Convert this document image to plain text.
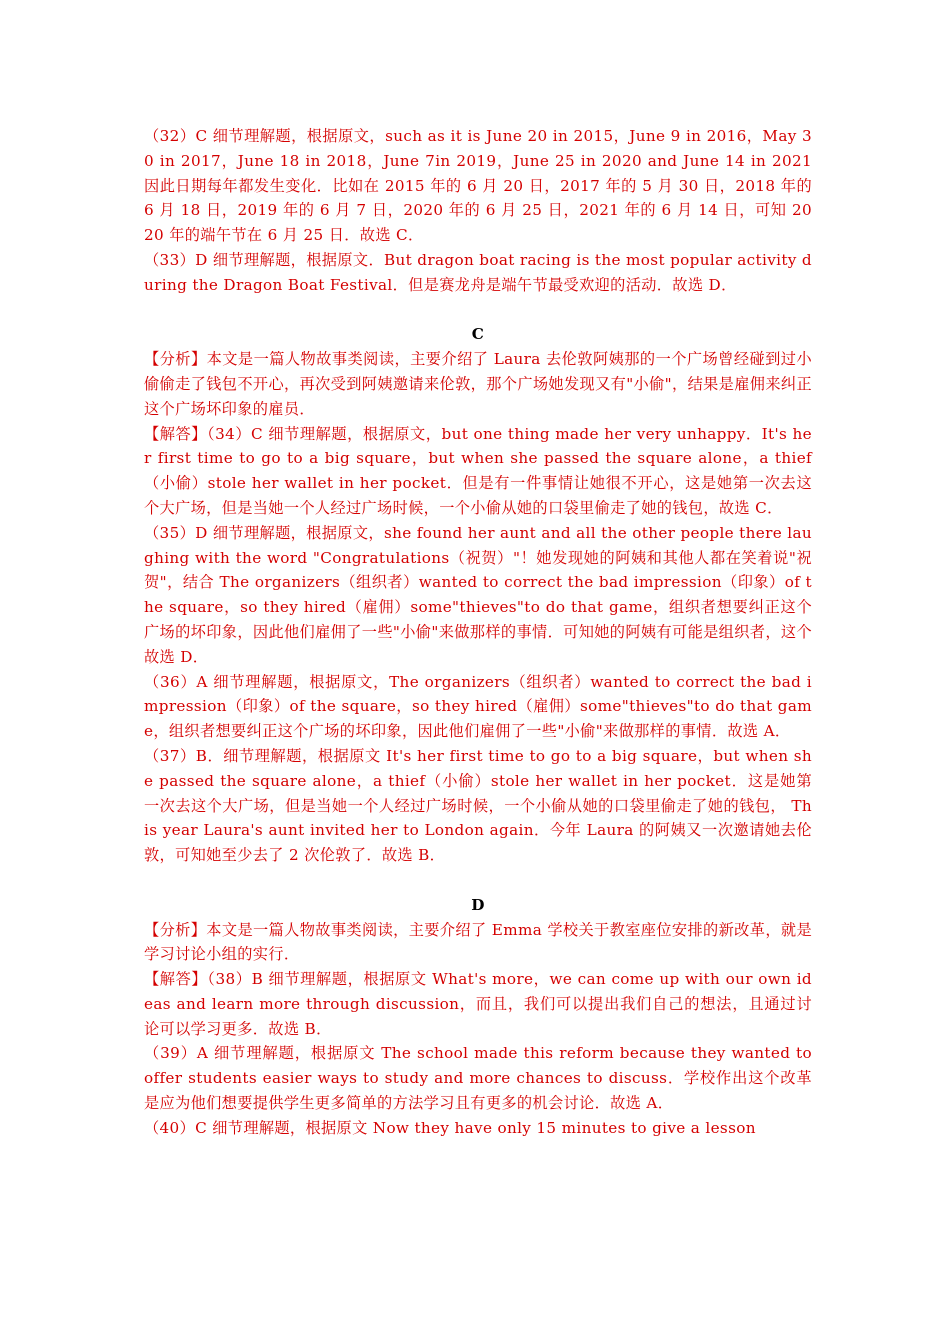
（32）C 细节理解题，根据原文，such as it is June 20 in 2015，June 9 in 2016，May 30 in 2017，June 18 in 2018，June 7in 2019，June 25 in 2020 and June 14 in 2021 因此日期每年都发生变化．比如在 2015 年的 6 月 20 日，2017 年的 5 月 30 日，2018 年的 6 月 18 日，2019 年的 6 月 7 日，2020 年的 6 月 25 日，2021 年的 6 月 14 日，可知 2020 年的端午节在 6 月 25 日．故选 C．

（33）D 细节理解题，根据原文．But dragon boat racing is the most popular activity during the Dragon Boat Festival．但是赛龙舟是端午节最受欢迎的活动．故选 D．

C

【分析】本文是一篇人物故事类阅读，主要介绍了 Laura 去伦敦阿姨那的一个广场曾经碰到过小偷偷走了钱包不开心，再次受到阿姨邀请来伦敦，那个广场她发现又有"小偷"，结果是雇佣来纠正这个广场坏印象的雇员．

【解答】（34）C 细节理解题，根据原文，but one thing made her very unhappy．It's her first time to go to a big square，but when she passed the square alone，a thief（小偷）stole her wallet in her pocket．但是有一件事情让她很不开心，这是她第一次去这个大广场，但是当她一个人经过广场时候，一个小偷从她的口袋里偷走了她的钱包，故选 C．

（35）D 细节理解题，根据原文，she found her aunt and all the other people there laughing with the word "Congratulations（祝贺）"！她发现她的阿姨和其他人都在笑着说"祝贺"，结合 The organizers（组织者）wanted to correct the bad impression（印象）of the square，so they hired（雇佣）some"thieves"to do that game，组织者想要纠正这个广场的坏印象，因此他们雇佣了一些"小偷"来做那样的事情．可知她的阿姨有可能是组织者，这个故选 D．

（36）A 细节理解题，根据原文，The organizers（组织者）wanted to correct the bad impression（印象）of the square，so they hired（雇佣）some"thieves"to do that game，组织者想要纠正这个广场的坏印象，因此他们雇佣了一些"小偷"来做那样的事情．故选 A．

（37）B．细节理解题，根据原文 It's her first time to go to a big square，but when she passed the square alone，a thief（小偷）stole her wallet in her pocket．这是她第一次去这个大广场，但是当她一个人经过广场时候，一个小偷从她的口袋里偷走了她的钱包， This year Laura's aunt invited her to London again．今年 Laura 的阿姨又一次邀请她去伦敦，可知她至少去了 2 次伦敦了．故选 B．

D

【分析】本文是一篇人物故事类阅读，主要介绍了 Emma 学校关于教室座位安排的新改革，就是学习讨论小组的实行．

【解答】（38）B 细节理解题，根据原文 What's more，we can come up with our own ideas and learn more through discussion，而且，我们可以提出我们自己的想法，且通过讨论可以学习更多．故选 B．

（39）A 细节理解题，根据原文 The school made this reform because they wanted to offer students easier ways to study and more chances to discuss．学校作出这个改革是应为他们想要提供学生更多简单的方法学习且有更多的机会讨论．故选 A．

（40）C 细节理解题，根据原文 Now they have only 15 minutes to give a lesson
